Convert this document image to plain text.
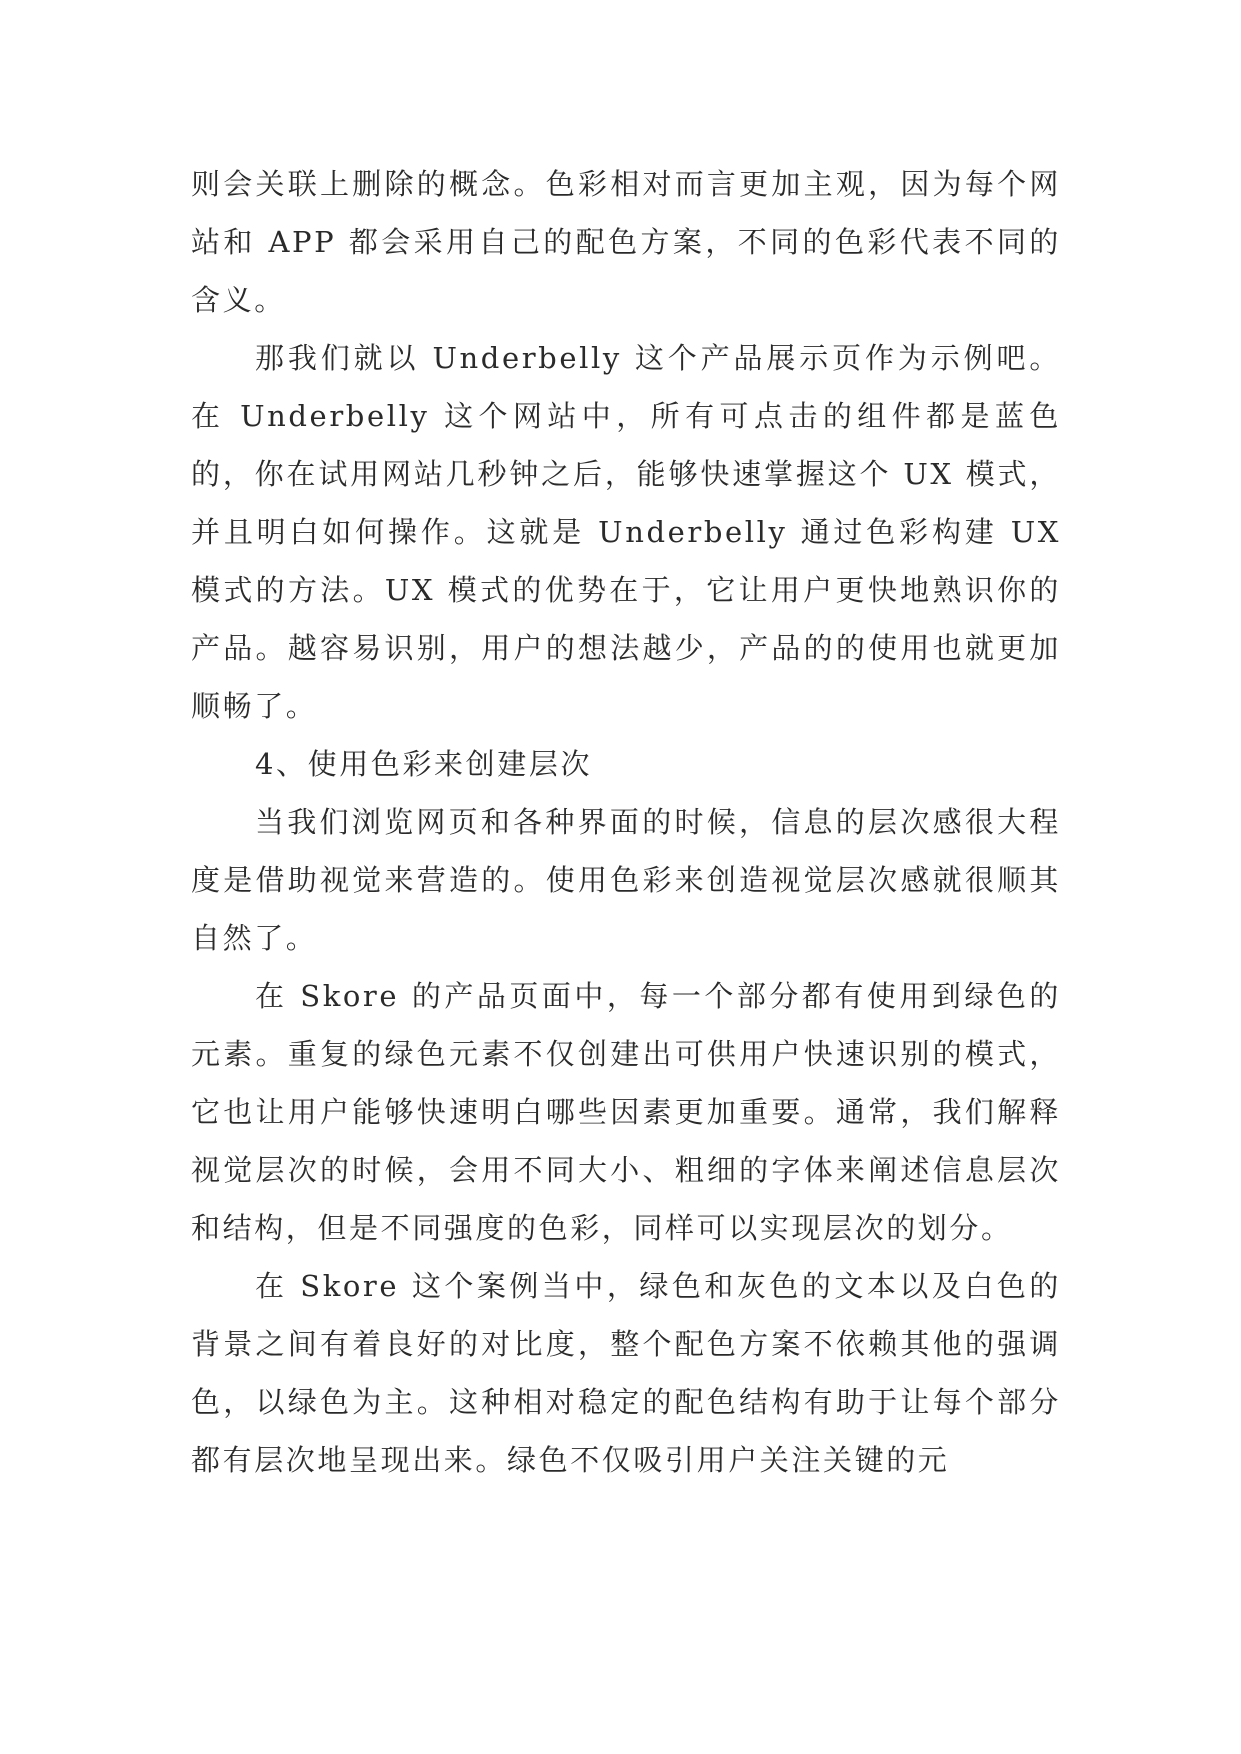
则会关联上删除的概念。色彩相对而言更加主观，因为每个网站和 APP 都会采用自己的配色方案，不同的色彩代表不同的含义。

那我们就以 Underbelly 这个产品展示页作为示例吧。在 Underbelly 这个网站中，所有可点击的组件都是蓝色的，你在试用网站几秒钟之后，能够快速掌握这个 UX 模式，并且明白如何操作。这就是 Underbelly 通过色彩构建 UX 模式的方法。UX 模式的优势在于，它让用户更快地熟识你的产品。越容易识别，用户的想法越少，产品的的使用也就更加顺畅了。

4、使用色彩来创建层次

当我们浏览网页和各种界面的时候，信息的层次感很大程度是借助视觉来营造的。使用色彩来创造视觉层次感就很顺其自然了。

在 Skore 的产品页面中，每一个部分都有使用到绿色的元素。重复的绿色元素不仅创建出可供用户快速识别的模式，它也让用户能够快速明白哪些因素更加重要。通常，我们解释视觉层次的时候，会用不同大小、粗细的字体来阐述信息层次和结构，但是不同强度的色彩，同样可以实现层次的划分。

在 Skore 这个案例当中，绿色和灰色的文本以及白色的背景之间有着良好的对比度，整个配色方案不依赖其他的强调色，以绿色为主。这种相对稳定的配色结构有助于让每个部分都有层次地呈现出来。绿色不仅吸引用户关注关键的元
